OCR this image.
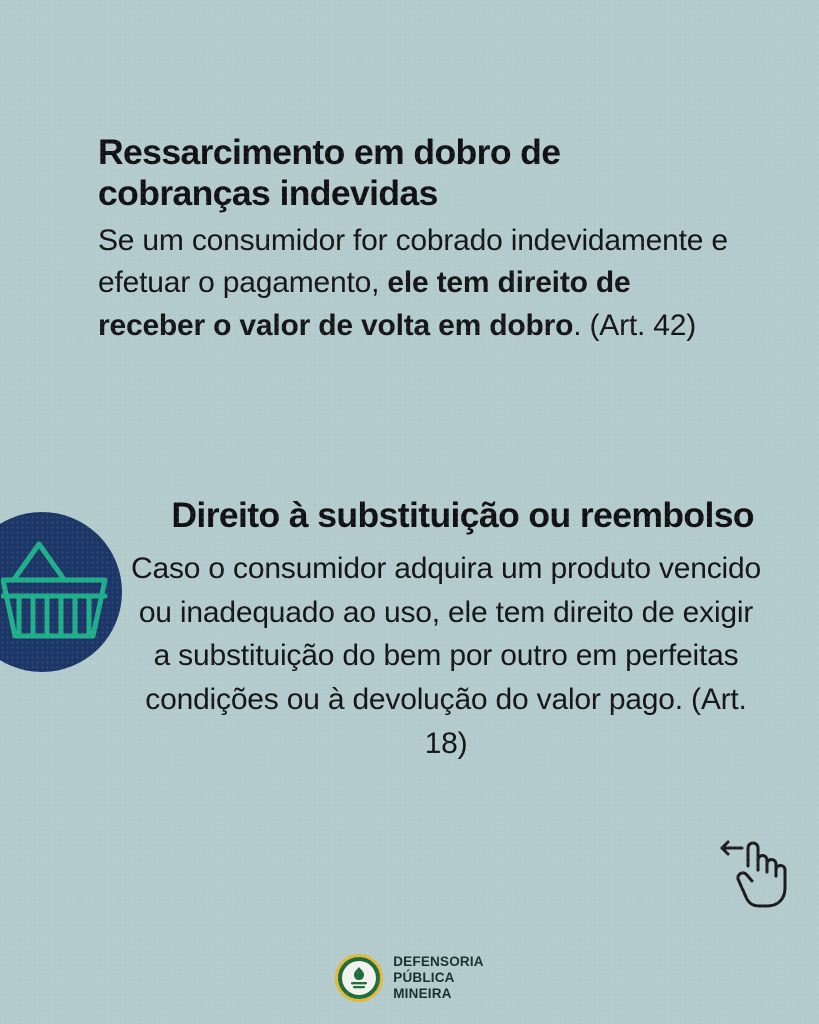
Ressarcimento em dobro de cobranças indevidas

Se um consumidor for cobrado indevidamente e efetuar o pagamento, ele tem direito de receber o valor de volta em dobro. (Art. 42)

Direito à substituição ou reembolso

Caso o consumidor adquira um produto vencido ou inadequado ao uso, ele tem direito de exigir a substituição do bem por outro em perfeitas condições ou à devolução do valor pago. (Art. 18)

DEFENSORIA
PÚBLICA
MINEIRA
